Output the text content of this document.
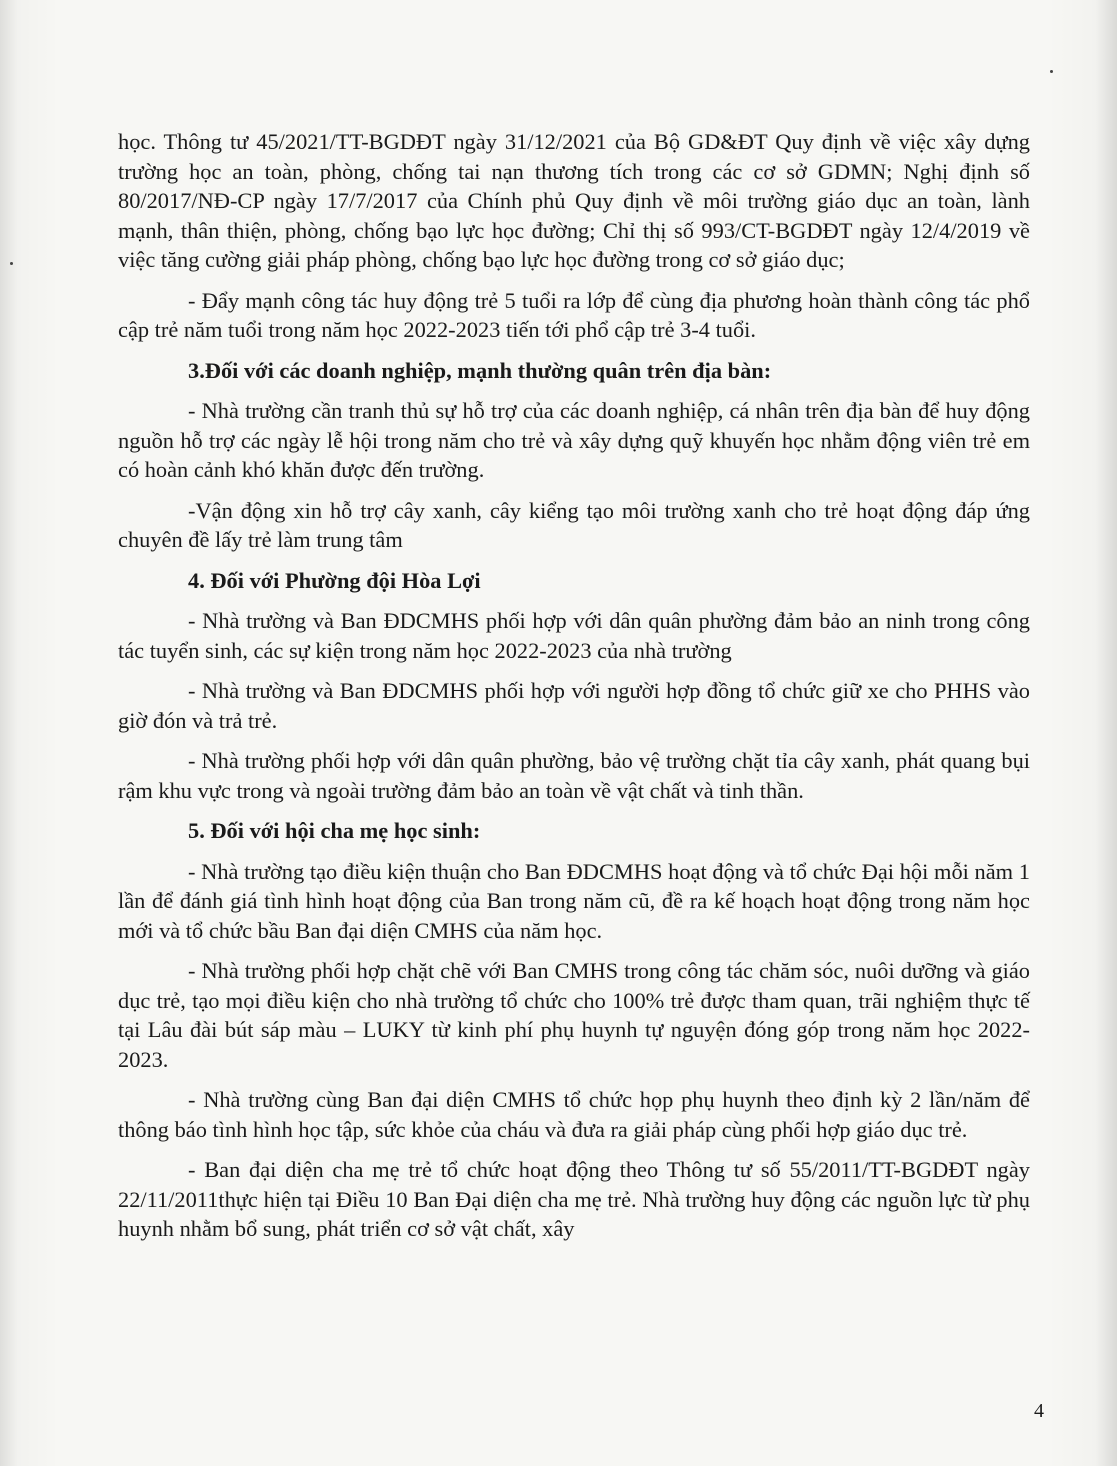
học. Thông tư 45/2021/TT-BGDĐT ngày 31/12/2021 của Bộ GD&ĐT Quy định về việc xây dựng trường học an toàn, phòng, chống tai nạn thương tích trong các cơ sở GDMN; Nghị định số 80/2017/NĐ-CP ngày 17/7/2017 của Chính phủ Quy định về môi trường giáo dục an toàn, lành mạnh, thân thiện, phòng, chống bạo lực học đường; Chỉ thị số 993/CT-BGDĐT ngày 12/4/2019 về việc tăng cường giải pháp phòng, chống bạo lực học đường trong cơ sở giáo dục;

- Đẩy mạnh công tác huy động trẻ 5 tuổi ra lớp để cùng địa phương hoàn thành công tác phổ cập trẻ năm tuổi trong năm học 2022-2023 tiến tới phổ cập trẻ 3-4 tuổi.

3.Đối với các doanh nghiệp, mạnh thường quân trên địa bàn:

- Nhà trường cần tranh thủ sự hỗ trợ của các doanh nghiệp, cá nhân trên địa bàn để huy động nguồn hỗ trợ các ngày lễ hội trong năm cho trẻ và xây dựng quỹ khuyến học nhằm động viên trẻ em có hoàn cảnh khó khăn được đến trường.

-Vận động xin hỗ trợ cây xanh, cây kiểng tạo môi trường xanh cho trẻ hoạt động đáp ứng chuyên đề lấy trẻ làm trung tâm

4. Đối với Phường đội Hòa Lợi

- Nhà trường và Ban ĐDCMHS phối hợp với dân quân phường đảm bảo an ninh trong công tác tuyển sinh, các sự kiện trong năm học 2022-2023 của nhà trường

- Nhà trường và Ban ĐDCMHS phối hợp với người hợp đồng tổ chức giữ xe cho PHHS vào giờ đón và trả trẻ.

- Nhà trường phối hợp với dân quân phường, bảo vệ trường chặt tỉa cây xanh, phát quang bụi rậm khu vực trong và ngoài trường đảm bảo an toàn về vật chất và tinh thần.

5. Đối với hội cha mẹ học sinh:

- Nhà trường tạo điều kiện thuận cho Ban ĐDCMHS hoạt động và tổ chức Đại hội mỗi năm 1 lần để đánh giá tình hình hoạt động của Ban trong năm cũ, đề ra kế hoạch hoạt động trong năm học mới và tổ chức bầu Ban đại diện CMHS của năm học.

- Nhà trường phối hợp chặt chẽ với Ban CMHS trong công tác chăm sóc, nuôi dưỡng và giáo dục trẻ, tạo mọi điều kiện cho nhà trường tổ chức cho 100% trẻ được tham quan, trãi nghiệm thực tế tại Lâu đài bút sáp màu – LUKY từ kinh phí phụ huynh tự nguyện đóng góp trong năm học 2022-2023.

- Nhà trường cùng Ban đại diện CMHS tổ chức họp phụ huynh theo định kỳ 2 lần/năm để thông báo tình hình học tập, sức khỏe của cháu và đưa ra giải pháp cùng phối hợp giáo dục trẻ.

- Ban đại diện cha mẹ trẻ tổ chức hoạt động theo Thông tư số 55/2011/TT-BGDĐT ngày 22/11/2011thực hiện tại Điều 10 Ban Đại diện cha mẹ trẻ. Nhà trường huy động các nguồn lực từ phụ huynh nhằm bổ sung, phát triển cơ sở vật chất, xây

4
